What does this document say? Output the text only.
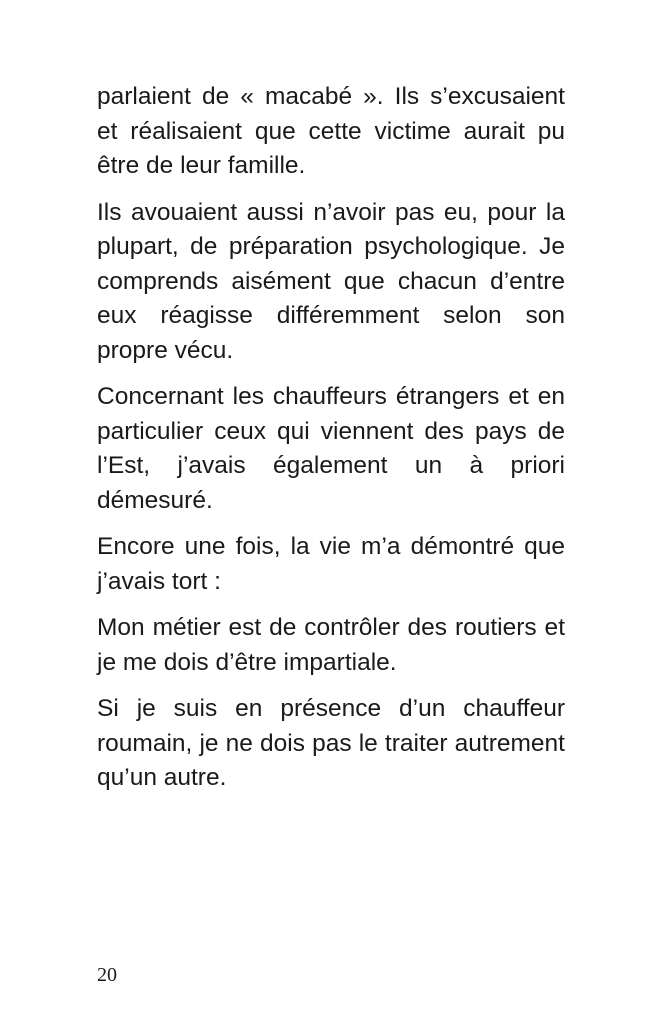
parlaient de « macabé ». Ils s’excusaient et réalisaient que cette victime aurait pu être de leur famille.

Ils avouaient aussi n’avoir pas eu, pour la plupart, de préparation psychologique. Je comprends aisément que chacun d’entre eux réagisse différemment selon son propre vécu.

Concernant les chauffeurs étrangers et en particulier ceux qui viennent des pays de l’Est, j’avais également un à priori démesuré.

Encore une fois, la vie m’a démontré que j’avais tort :

Mon métier est de contrôler des routiers et je me dois d’être impartiale.

Si je suis en présence d’un chauffeur roumain, je ne dois pas le traiter autrement qu’un autre.

20
